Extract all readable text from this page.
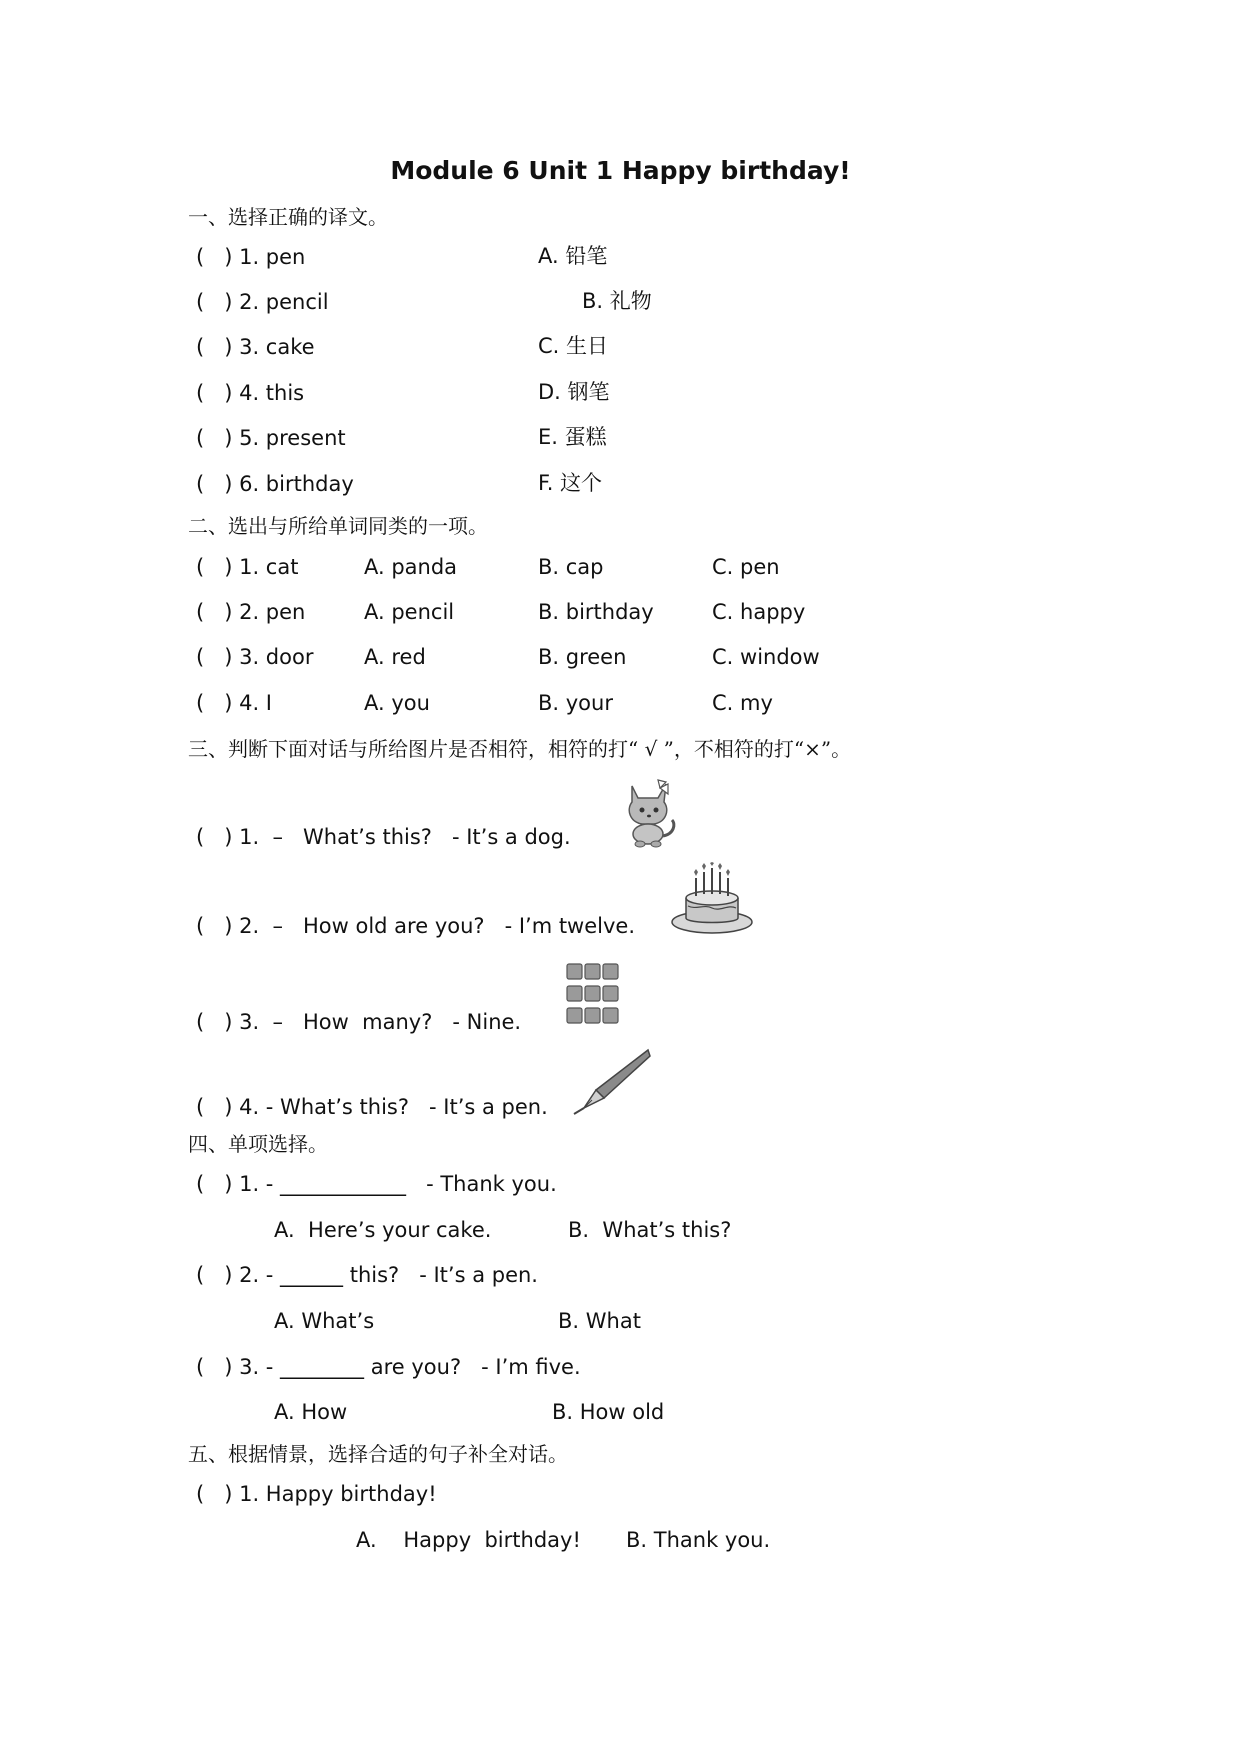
Module 6 Unit 1 Happy birthday!
一、选择正确的译文。
(   ) 1. pen	A. 铅笔
(   ) 2. pencil	B. 礼物
(   ) 3. cake	C. 生日
(   ) 4. this	D. 钢笔
(   ) 5. present	E. 蛋糕
(   ) 6. birthday	F. 这个
二、选出与所给单词同类的一项。
(   ) 1. cat	A. panda	B. cap	C. pen
(   ) 2. pen	A. pencil	B. birthday	C. happy
(   ) 3. door A. red	B. green	C. window
(   ) 4. I	A. you	B. your	C. my
三、判断下面对话与所给图片是否相符，相符的打“ √ ”，不相符的打“×”。
(   ) 1.  –   What’s this?   - It’s a dog.
(   ) 2.  –   How old are you?   - I’m twelve.
(   ) 3.  –   How  many?   - Nine.
(   ) 4. - What’s this?   - It’s a pen.
四、单项选择。
(   ) 1. - ____________   - Thank you.
A.  Here’s your cake.	B.  What’s this?
(   ) 2. - ______ this?   - It’s a pen.
A. What’s	B. What
(   ) 3. - ________ are you?   - I’m five.
A. How	B. How old
五、根据情景，选择合适的句子补全对话。
(   ) 1. Happy birthday!
A.    Happy  birthday! B. Thank you.
